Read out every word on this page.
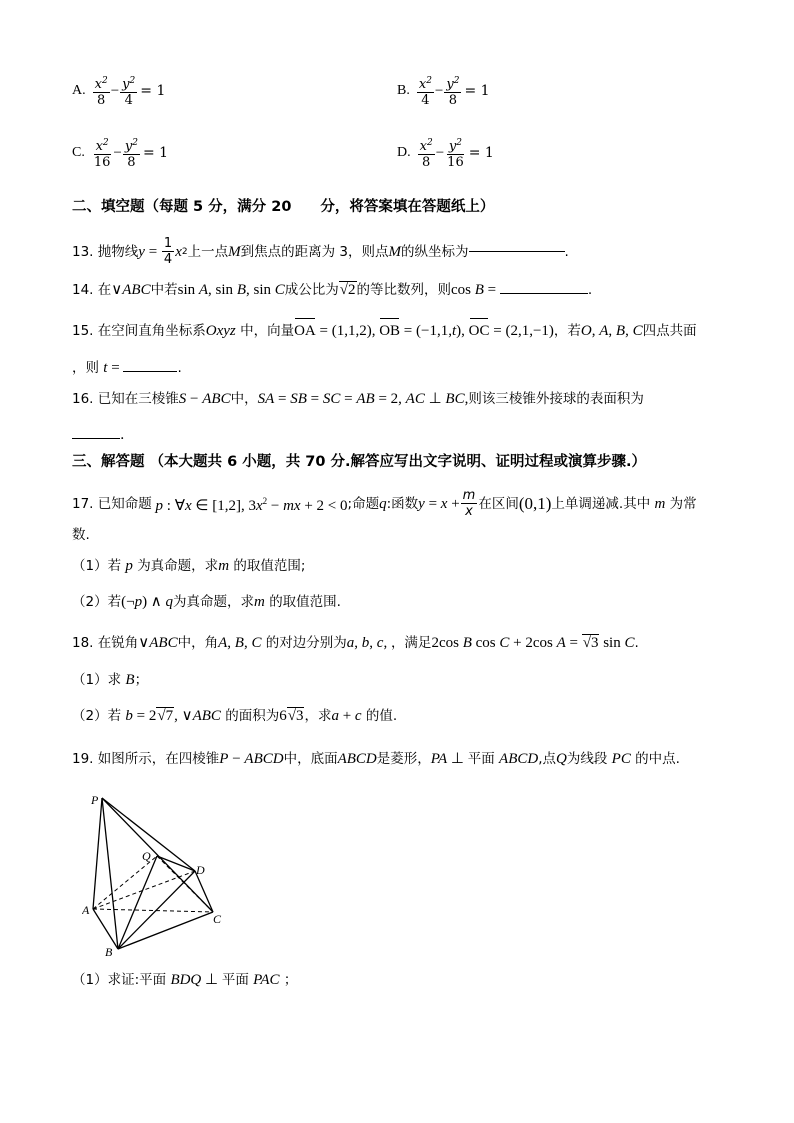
A. $\frac{x^2}{8} - \frac{y^2}{4} = 1$	B. $\frac{x^2}{4} - \frac{y^2}{8} = 1$
C. $\frac{x^2}{16} - \frac{y^2}{8} = 1$	D. $\frac{x^2}{8} - \frac{y^2}{16} = 1$
二、填空题（每题 5 分，满分 20　　分，将答案填在答题纸上）
13.
抛物线 $y = \frac{1}{4}$ x 2 上一点 M 到焦点的距离为 3，则点 M 的纵坐标为	.
14. 在∨ABC中若sin A, sin B, sin C成公比为√2的等比数列，则cos B =	.
15. 在空间直角坐标系Oxyz 中，向量OA = (1,1,2), OB = (−1,1,t), OC = (2,1,−1)，若O, A, B, C四点共面
，则 t =	.
16. 已知在三棱锥S − ABC中，SA = SB = SC = AB = 2, AC ⊥ BC,则该三棱锥外接球的表面积为
.
三、解答题 （本大题共 6 小题，共 70 分.解答应写出文字说明、证明过程或演算步骤.）
17.
已知命题 p : ∀x ∈ [1,2], $3x^2$ − mx + 2 < 0 ;命题 q :函数 $y = x + \frac{m}{x}$ 在区间 (0,1) 上单调递减.其中
m
为常
数.
（1）若 p 为真命题，求m 的取值范围;
（2）若(¬p) ∧ q为真命题，求m 的取值范围.
18. 在锐角∨ABC中，角A, B, C 的对边分别为a, b, c, ，满足2cos B cos C + 2cos A = √3 sin C.
（1）求 B；
（2）若 b = 2√7, ∨ABC 的面积为6√3，求a + c 的值.
19. 如图所示，在四棱锥P − ABCD中，底面ABCD是菱形，PA ⊥ 平面 ABCD,点Q为线段 PC 的中点.
P
Q
D
A
C
B
（1）求证:平面 BDQ ⊥ 平面 PAC ；
